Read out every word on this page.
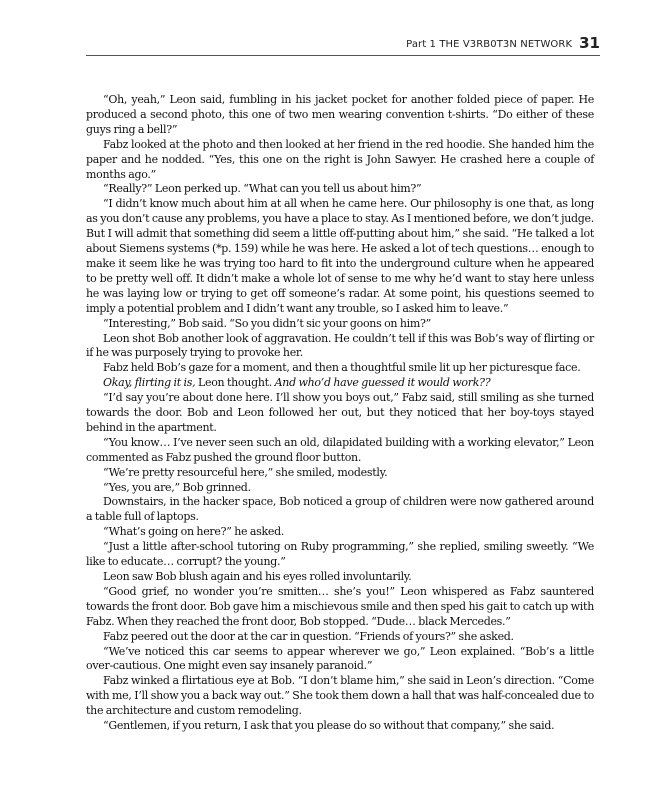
Part 1 THE V3RB0T3N NETWORK 31

“Oh, yeah,” Leon said, fumbling in his jacket pocket for another folded piece of paper. He produced a second photo, this one of two men wearing convention t-shirts. “Do either of these guys ring a bell?”

Fabz looked at the photo and then looked at her friend in the red hoodie. She handed him the paper and he nodded. “Yes, this one on the right is John Sawyer. He crashed here a couple of months ago.”

“Really?” Leon perked up. “What can you tell us about him?”

“I didn’t know much about him at all when he came here. Our philosophy is one that, as long as you don’t cause any problems, you have a place to stay. As I mentioned before, we don’t judge. But I will admit that something did seem a little off-putting about him,” she said. “He talked a lot about Siemens systems (*p. 159) while he was here. He asked a lot of tech questions… enough to make it seem like he was trying too hard to fit into the underground culture when he appeared to be pretty well off. It didn’t make a whole lot of sense to me why he’d want to stay here unless he was laying low or trying to get off someone’s radar. At some point, his questions seemed to imply a potential problem and I didn’t want any trouble, so I asked him to leave.”

“Interesting,” Bob said. “So you didn’t sic your goons on him?”

Leon shot Bob another look of aggravation. He couldn’t tell if this was Bob’s way of flirting or if he was purposely trying to provoke her.

Fabz held Bob’s gaze for a moment, and then a thoughtful smile lit up her picturesque face.

Okay, flirting it is, Leon thought. And who’d have guessed it would work??

“I’d say you’re about done here. I’ll show you boys out,” Fabz said, still smiling as she turned towards the door. Bob and Leon followed her out, but they noticed that her boy-toys stayed behind in the apartment.

“You know… I’ve never seen such an old, dilapidated building with a working elevator,” Leon commented as Fabz pushed the ground floor button.

“We’re pretty resourceful here,” she smiled, modestly.

“Yes, you are,” Bob grinned.

Downstairs, in the hacker space, Bob noticed a group of children were now gathered around a table full of laptops.

“What’s going on here?” he asked.

“Just a little after-school tutoring on Ruby programming,” she replied, smiling sweetly. “We like to educate… corrupt? the young.”

Leon saw Bob blush again and his eyes rolled involuntarily.

“Good grief, no wonder you’re smitten… she’s you!” Leon whispered as Fabz sauntered towards the front door. Bob gave him a mischievous smile and then sped his gait to catch up with Fabz. When they reached the front door, Bob stopped. “Dude… black Mercedes.”

Fabz peered out the door at the car in question. “Friends of yours?” she asked.

“We’ve noticed this car seems to appear wherever we go,” Leon explained. “Bob’s a little over-cautious. One might even say insanely paranoid.”

Fabz winked a flirtatious eye at Bob. “I don’t blame him,” she said in Leon’s direction. “Come with me, I’ll show you a back way out.” She took them down a hall that was half-concealed due to the architecture and custom remodeling.

“Gentlemen, if you return, I ask that you please do so without that company,” she said.
